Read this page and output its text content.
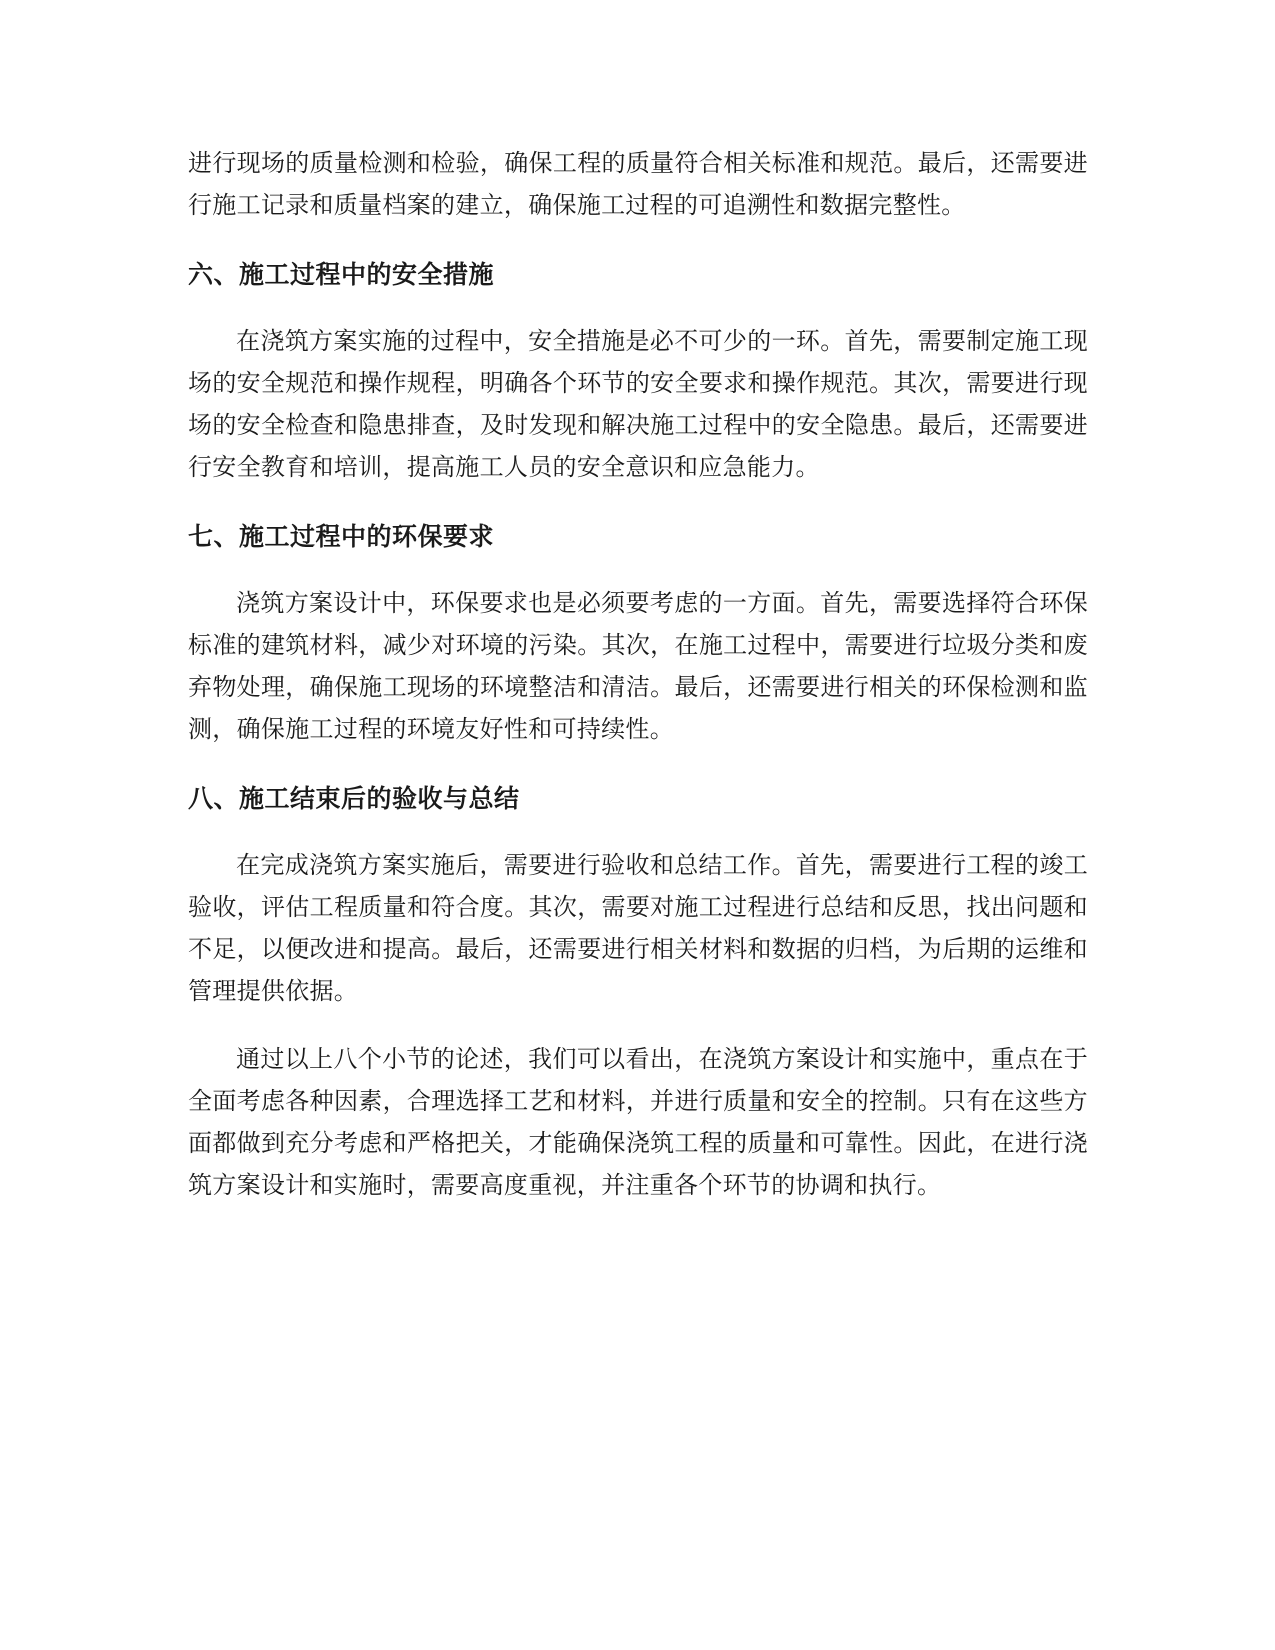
进行现场的质量检测和检验，确保工程的质量符合相关标准和规范。最后，还需要进行施工记录和质量档案的建立，确保施工过程的可追溯性和数据完整性。

六、施工过程中的安全措施

在浇筑方案实施的过程中，安全措施是必不可少的一环。首先，需要制定施工现场的安全规范和操作规程，明确各个环节的安全要求和操作规范。其次，需要进行现场的安全检查和隐患排查，及时发现和解决施工过程中的安全隐患。最后，还需要进行安全教育和培训，提高施工人员的安全意识和应急能力。

七、施工过程中的环保要求

浇筑方案设计中，环保要求也是必须要考虑的一方面。首先，需要选择符合环保标准的建筑材料，减少对环境的污染。其次，在施工过程中，需要进行垃圾分类和废弃物处理，确保施工现场的环境整洁和清洁。最后，还需要进行相关的环保检测和监测，确保施工过程的环境友好性和可持续性。

八、施工结束后的验收与总结

在完成浇筑方案实施后，需要进行验收和总结工作。首先，需要进行工程的竣工验收，评估工程质量和符合度。其次，需要对施工过程进行总结和反思，找出问题和不足，以便改进和提高。最后，还需要进行相关材料和数据的归档，为后期的运维和管理提供依据。

通过以上八个小节的论述，我们可以看出，在浇筑方案设计和实施中，重点在于全面考虑各种因素，合理选择工艺和材料，并进行质量和安全的控制。只有在这些方面都做到充分考虑和严格把关，才能确保浇筑工程的质量和可靠性。因此，在进行浇筑方案设计和实施时，需要高度重视，并注重各个环节的协调和执行。
